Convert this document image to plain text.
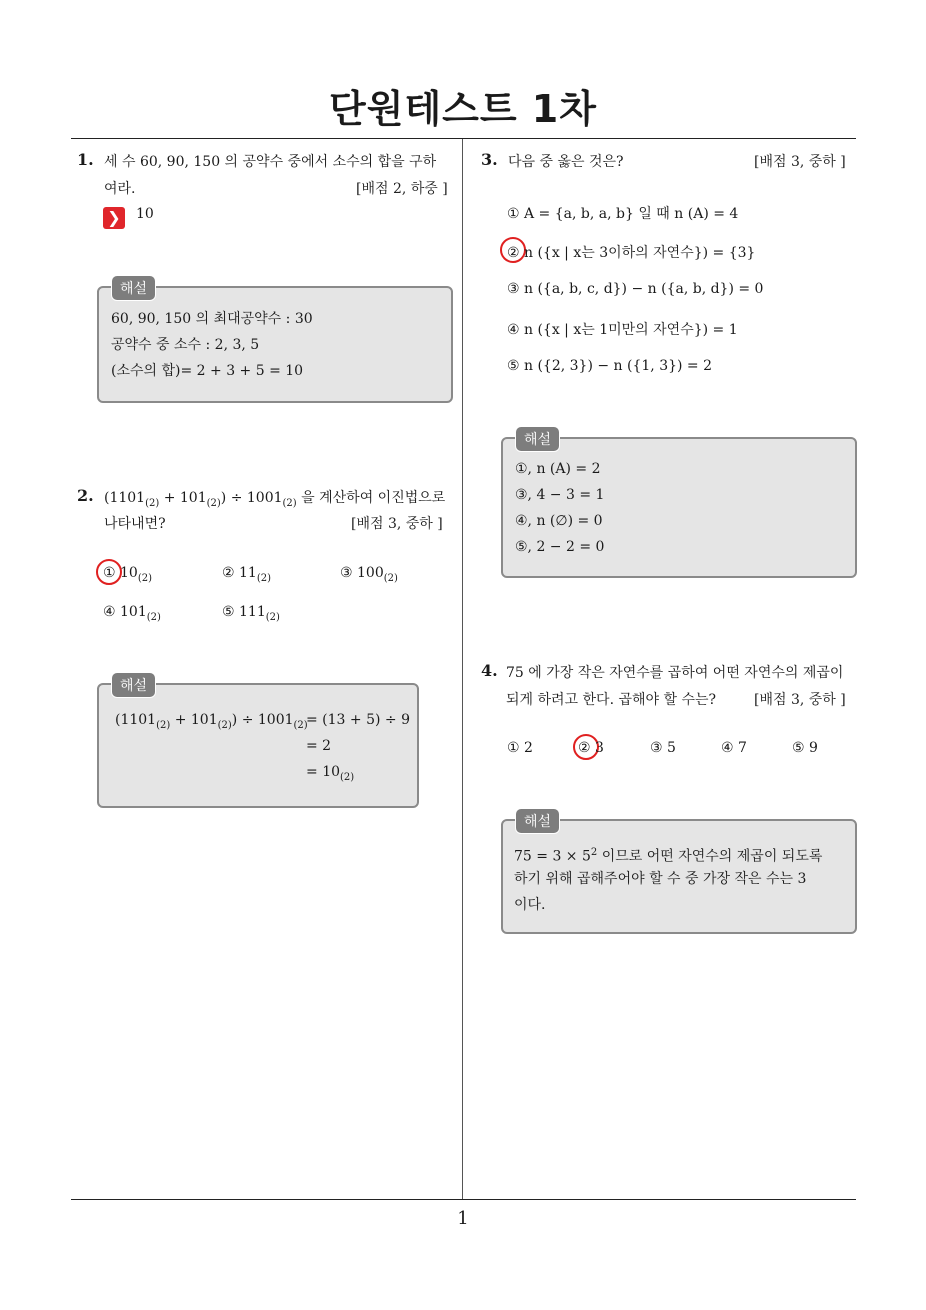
단원테스트 1차
1
1. 세 수 60, 90, 150 의 공약수 중에서 소수의 합을 구하
여라.	[배점 2, 하중 ]
❯	10
해설
60, 90, 150 의 최대공약수 : 30
공약수 중 소수 : 2, 3, 5
(소수의 합)= 2 + 3 + 5 = 10
2. $(1101_{(2)} + 101_{(2)}) \div 1001_{(2)}$ 을 계산하여 이진법으로
나타내면?	[배점 3, 중하 ]
① $10_{(2)}$	② $11_{(2)}$	③ $100_{(2)}$
④ $101_{(2)}$	⑤ $111_{(2)}$
해설
$(1101_{(2)} + 101_{(2)}) \div 1001_{(2)}$
= (13 + 5) ÷ 9
= 2
= $10_{(2)}$
3. 다음 중 옳은 것은?	[배점 3, 중하 ]
① A = {a, b, a, b} 일 때 n (A) = 4
② n ({x | x는 3이하의 자연수}) = {3}
③ n ({a, b, c, d}) − n ({a, b, d}) = 0
④ n ({x | x는 1미만의 자연수}) = 1
⑤ n ({2, 3}) − n ({1, 3}) = 2
해설
①, n (A) = 2
③, 4 − 3 = 1
④, n (∅) = 0
⑤, 2 − 2 = 0
4. 75 에 가장 작은 자연수를 곱하여 어떤 자연수의 제곱이
되게 하려고 한다. 곱해야 할 수는?	[배점 3, 중하 ]
① 2	② 3	③ 5	④ 7	⑤ 9
해설
$75 = 3 \times 5^2$ 이므로 어떤 자연수의 제곱이 되도록
하기 위해 곱해주어야 할 수 중 가장 작은 수는 3
이다.
